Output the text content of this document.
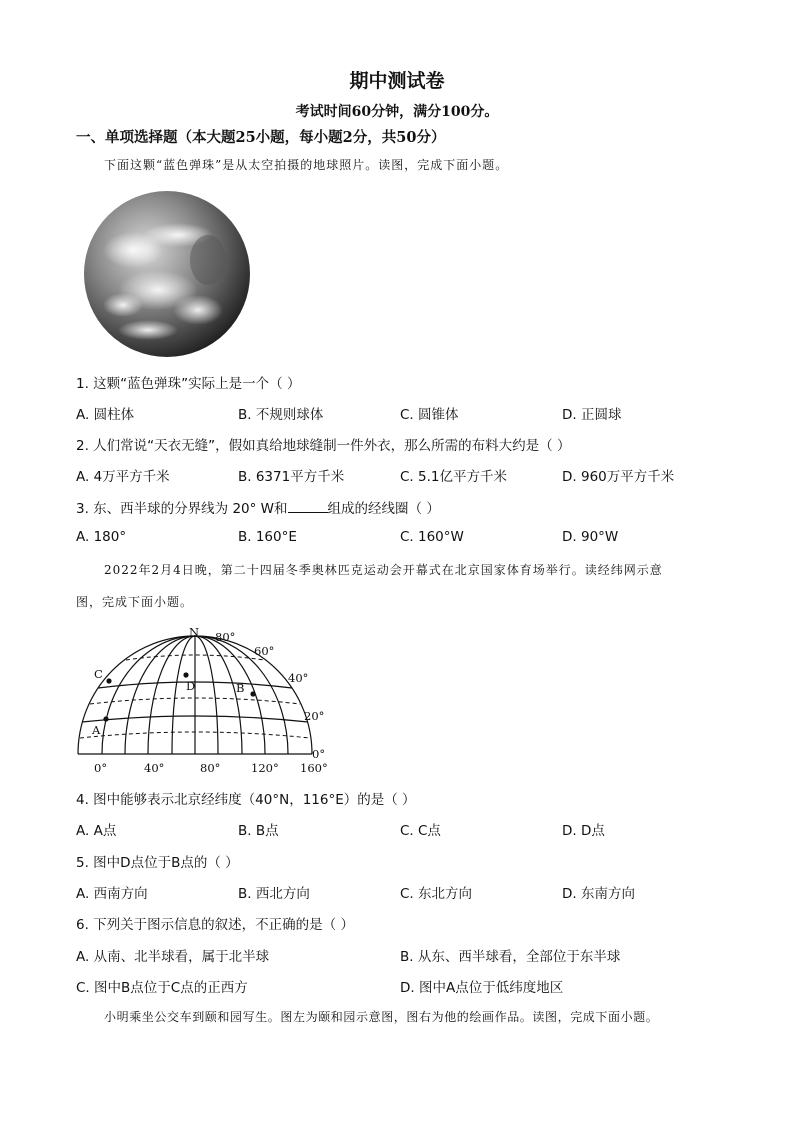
期中测试卷
考试时间60分钟，满分100分。
一、单项选择题（本大题25小题，每小题2分，共50分）
下面这颗“蓝色弹珠”是从太空拍摄的地球照片。读图，完成下面小题。
1. 这颗“蓝色弹珠”实际上是一个（ ）
A. 圆柱体	B. 不规则球体	C. 圆锥体	D. 正圆球
2. 人们常说“天衣无缝”，假如真给地球缝制一件外衣，那么所需的布料大约是（ ）
A. 4万平方千米	B. 6371平方千米	C. 5.1亿平方千米	D. 960万平方千米
3. 东、西半球的分界线为 20° W和	组成的经线圈（ ）
A. 180°	B. 160°E	C. 160°W	D. 90°W
2022年2月4日晚，第二十四届冬季奥林匹克运动会开幕式在北京国家体育场举行。读经纬网示意
图，完成下面小题。
N
C
D	B
A
80°
60°
40°
20°
0°
0°	40°	80°	120° 160°
4. 图中能够表示北京经纬度（40°N，116°E）的是（ ）
A. A点	B. B点	C. C点	D. D点
5. 图中D点位于B点的（ ）
A. 西南方向	B. 西北方向	C. 东北方向	D. 东南方向
6. 下列关于图示信息的叙述，不正确的是（ ）
A. 从南、北半球看，属于北半球	B. 从东、西半球看，全部位于东半球
C. 图中B点位于C点的正西方	D. 图中A点位于低纬度地区
小明乘坐公交车到颐和园写生。图左为颐和园示意图，图右为他的绘画作品。读图，完成下面小题。
